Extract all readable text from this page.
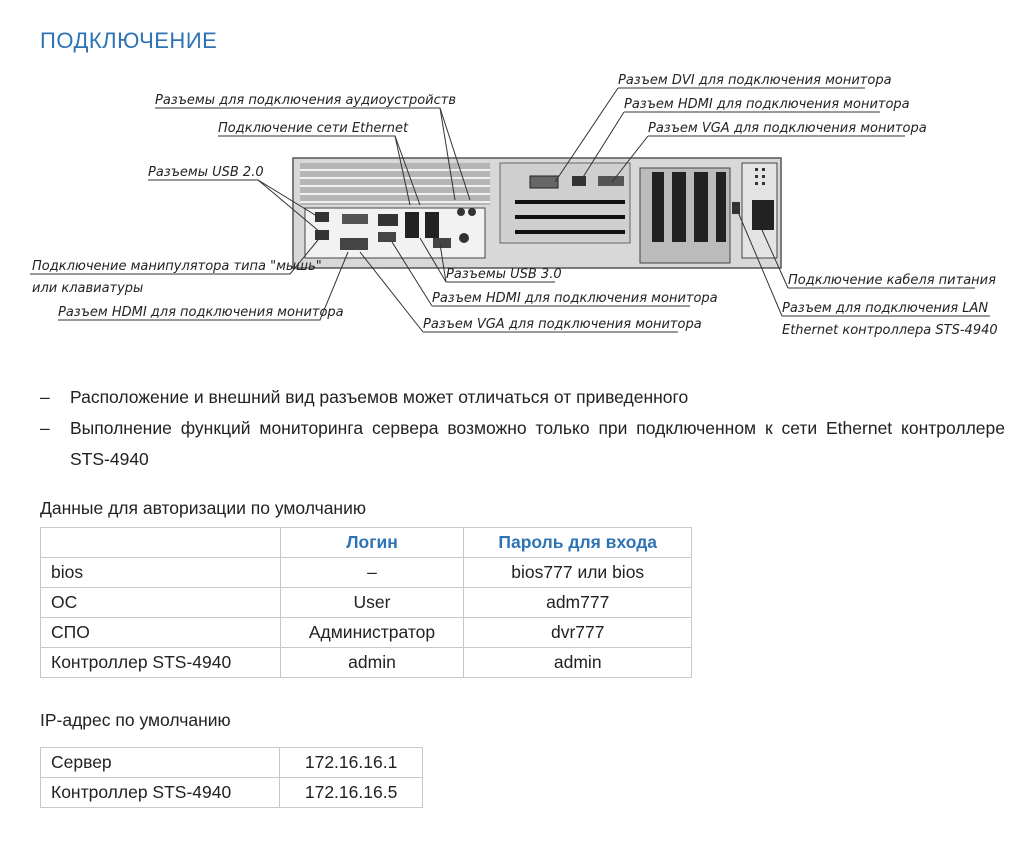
ПОДКЛЮЧЕНИЕ
Разъемы для подключения аудиоустройств
Подключение сети Ethernet
Разъемы USB 2.0
Подключение манипулятора типа "мышь"
или клавиатуры
Разъем HDMI для подключения монитора
Разъем DVI для подключения монитора
Разъем HDMI для подключения монитора
Разъем VGA для подключения монитора
Разъемы USB 3.0
Разъем HDMI для подключения монитора
Разъем VGA для подключения монитора
Подключение кабеля питания
Разъем для подключения LAN
Ethernet контроллера STS-4940
– Расположение и внешний вид разъемов может отличаться от приведенного
– Выполнение функций мониторинга сервера возможно только при подключенном к сети Ethernet контроллере STS-4940
Данные для авторизации по умолчанию
	Логин	Пароль для входа
bios	–	bios777 или bios
ОС	User	adm777
СПО	Администратор	dvr777
Контроллер STS-4940	admin	admin
IP-адрес по умолчанию
Сервер	172.16.16.1
Контроллер STS-4940	172.16.16.5
